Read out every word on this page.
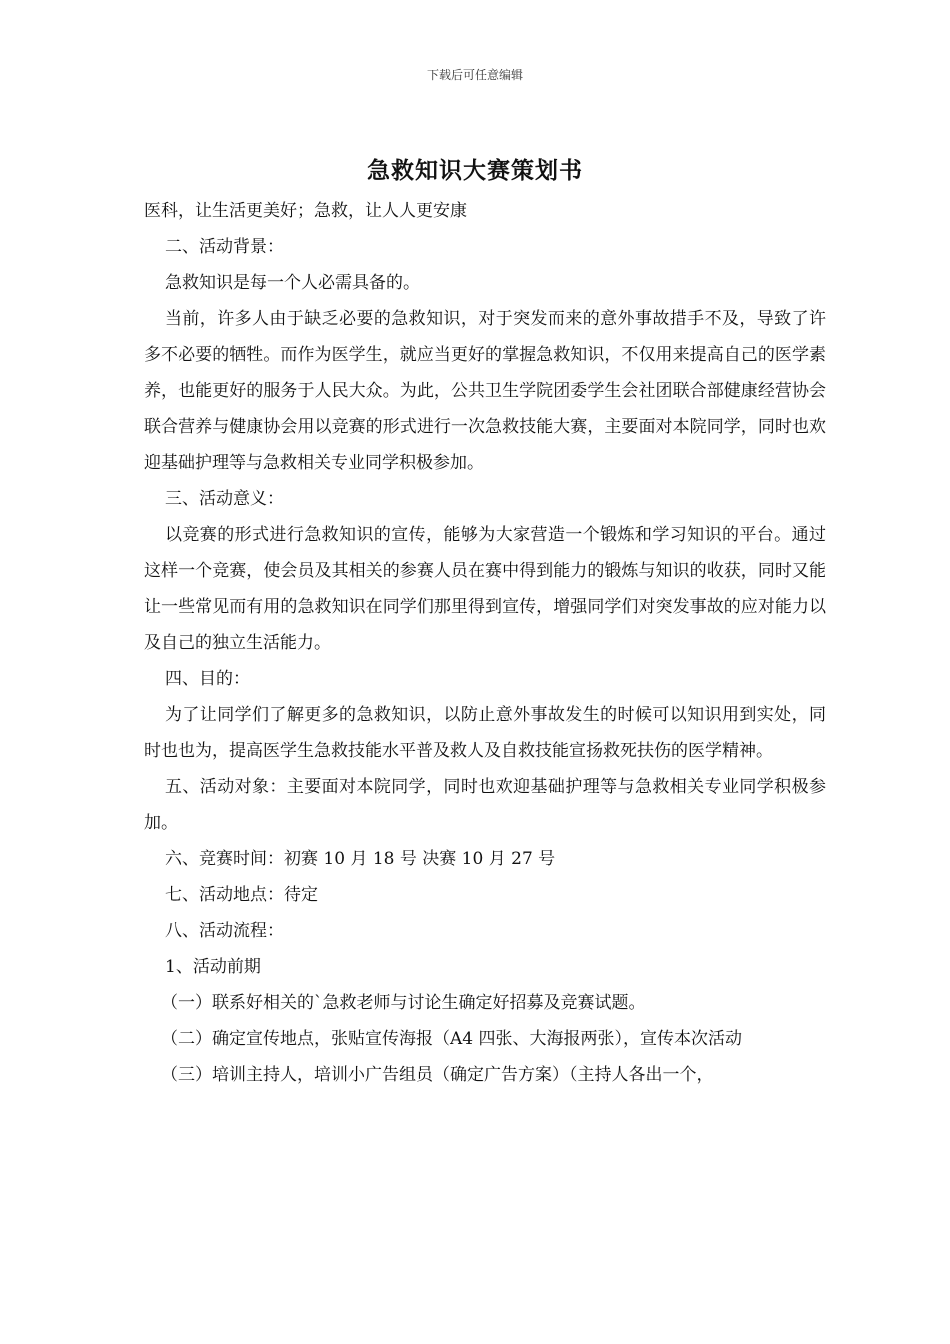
下载后可任意编辑
急救知识大赛策划书

医科，让生活更美好；急救，让人人更安康

二、活动背景：

急救知识是每一个人必需具备的。

当前，许多人由于缺乏必要的急救知识，对于突发而来的意外事故措手不及，导致了许多不必要的牺牲。而作为医学生，就应当更好的掌握急救知识，不仅用来提高自己的医学素养，也能更好的服务于人民大众。为此，公共卫生学院团委学生会社团联合部健康经营协会联合营养与健康协会用以竞赛的形式进行一次急救技能大赛，主要面对本院同学，同时也欢迎基础护理等与急救相关专业同学积极参加。

三、活动意义：

以竞赛的形式进行急救知识的宣传，能够为大家营造一个锻炼和学习知识的平台。通过这样一个竞赛，使会员及其相关的参赛人员在赛中得到能力的锻炼与知识的收获，同时又能让一些常见而有用的急救知识在同学们那里得到宣传，增强同学们对突发事故的应对能力以及自己的独立生活能力。

四、目的：

为了让同学们了解更多的急救知识，以防止意外事故发生的时候可以知识用到实处，同时也也为，提高医学生急救技能水平普及救人及自救技能宣扬救死扶伤的医学精神。

五、活动对象：主要面对本院同学，同时也欢迎基础护理等与急救相关专业同学积极参加。

六、竞赛时间：初赛 10 月 18 号 决赛 10 月 27 号

七、活动地点：待定

八、活动流程：

1、活动前期

（一）联系好相关的`急救老师与讨论生确定好招募及竞赛试题。

（二）确定宣传地点，张贴宣传海报（A4 四张、大海报两张），宣传本次活动

（三）培训主持人，培训小广告组员（确定广告方案）（主持人各出一个，
